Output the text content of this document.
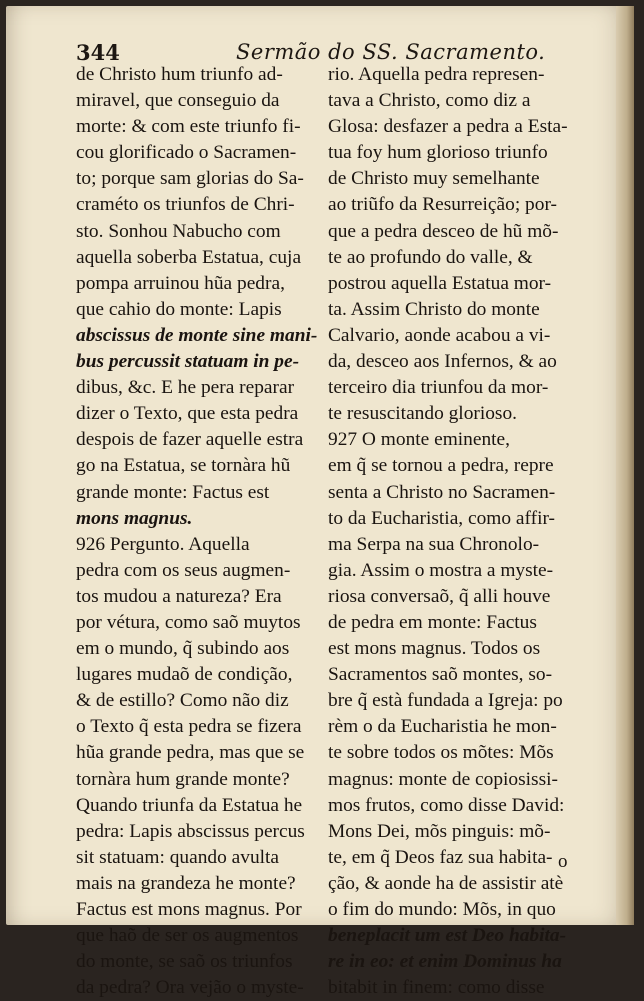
344	Sermão do SS. Sacramento.
de Christo hum triunfo ad-
miravel, que conseguio da
morte: & com este triunfo fi-
cou glorificado o Sacramen-
to; porque sam glorias do Sa-
craméto os triunfos de Chri-
sto. Sonhou Nabucho com
aquella soberba Estatua, cuja
pompa arruinou hũa pedra,
que cahio do monte: Lapis
abscissus de monte sine mani-
bus percussit statuam in pe-
dibus, &c. E he pera reparar
dizer o Texto, que esta pedra
despois de fazer aquelle estra
go na Estatua, se tornàra hũ
grande monte: Factus est
mons magnus.
926 Pergunto. Aquella
pedra com os seus augmen-
tos mudou a natureza? Era
por vétura, como saõ muytos
em o mundo, q̃ subindo aos
lugares mudaõ de condição,
& de estillo? Como não diz
o Texto q̃ esta pedra se fizera
hũa grande pedra, mas que se
tornàra hum grande monte?
Quando triunfa da Estatua he
pedra: Lapis abscissus percus
sit statuam: quando avulta
mais na grandeza he monte?
Factus est mons magnus. Por
que haõ de ser os augmentos
do monte, se saõ os triunfos
da pedra? Ora vejão o myste-
rio. Aquella pedra represen-
tava a Christo, como diz a
Glosa: desfazer a pedra a Esta-
tua foy hum glorioso triunfo
de Christo muy semelhante
ao triũfo da Resurreição; por-
que a pedra desceo de hũ mõ-
te ao profundo do valle, &
postrou aquella Estatua mor-
ta. Assim Christo do monte
Calvario, aonde acabou a vi-
da, desceo aos Infernos, & ao
terceiro dia triunfou da mor-
te resuscitando glorioso.
927 O monte eminente,
em q̃ se tornou a pedra, repre
senta a Christo no Sacramen-
to da Eucharistia, como affir-
ma Serpa na sua Chronolo-
gia. Assim o mostra a myste-
riosa conversaõ, q̃ alli houve
de pedra em monte: Factus
est mons magnus. Todos os
Sacramentos saõ montes, so-
bre q̃ està fundada a Igreja: po
rèm o da Eucharistia he mon-
te sobre todos os mõtes: Mõs
magnus: monte de copiosissi-
mos frutos, como disse David:
Mons Dei, mõs pinguis: mõ-
te, em q̃ Deos faz sua habita-
ção, & aonde ha de assistir atè
o fim do mundo: Mõs, in quo
beneplacit um est Deo habita-
re in eo: et enim Dominus ha
bitabit in finem: como disse
o
